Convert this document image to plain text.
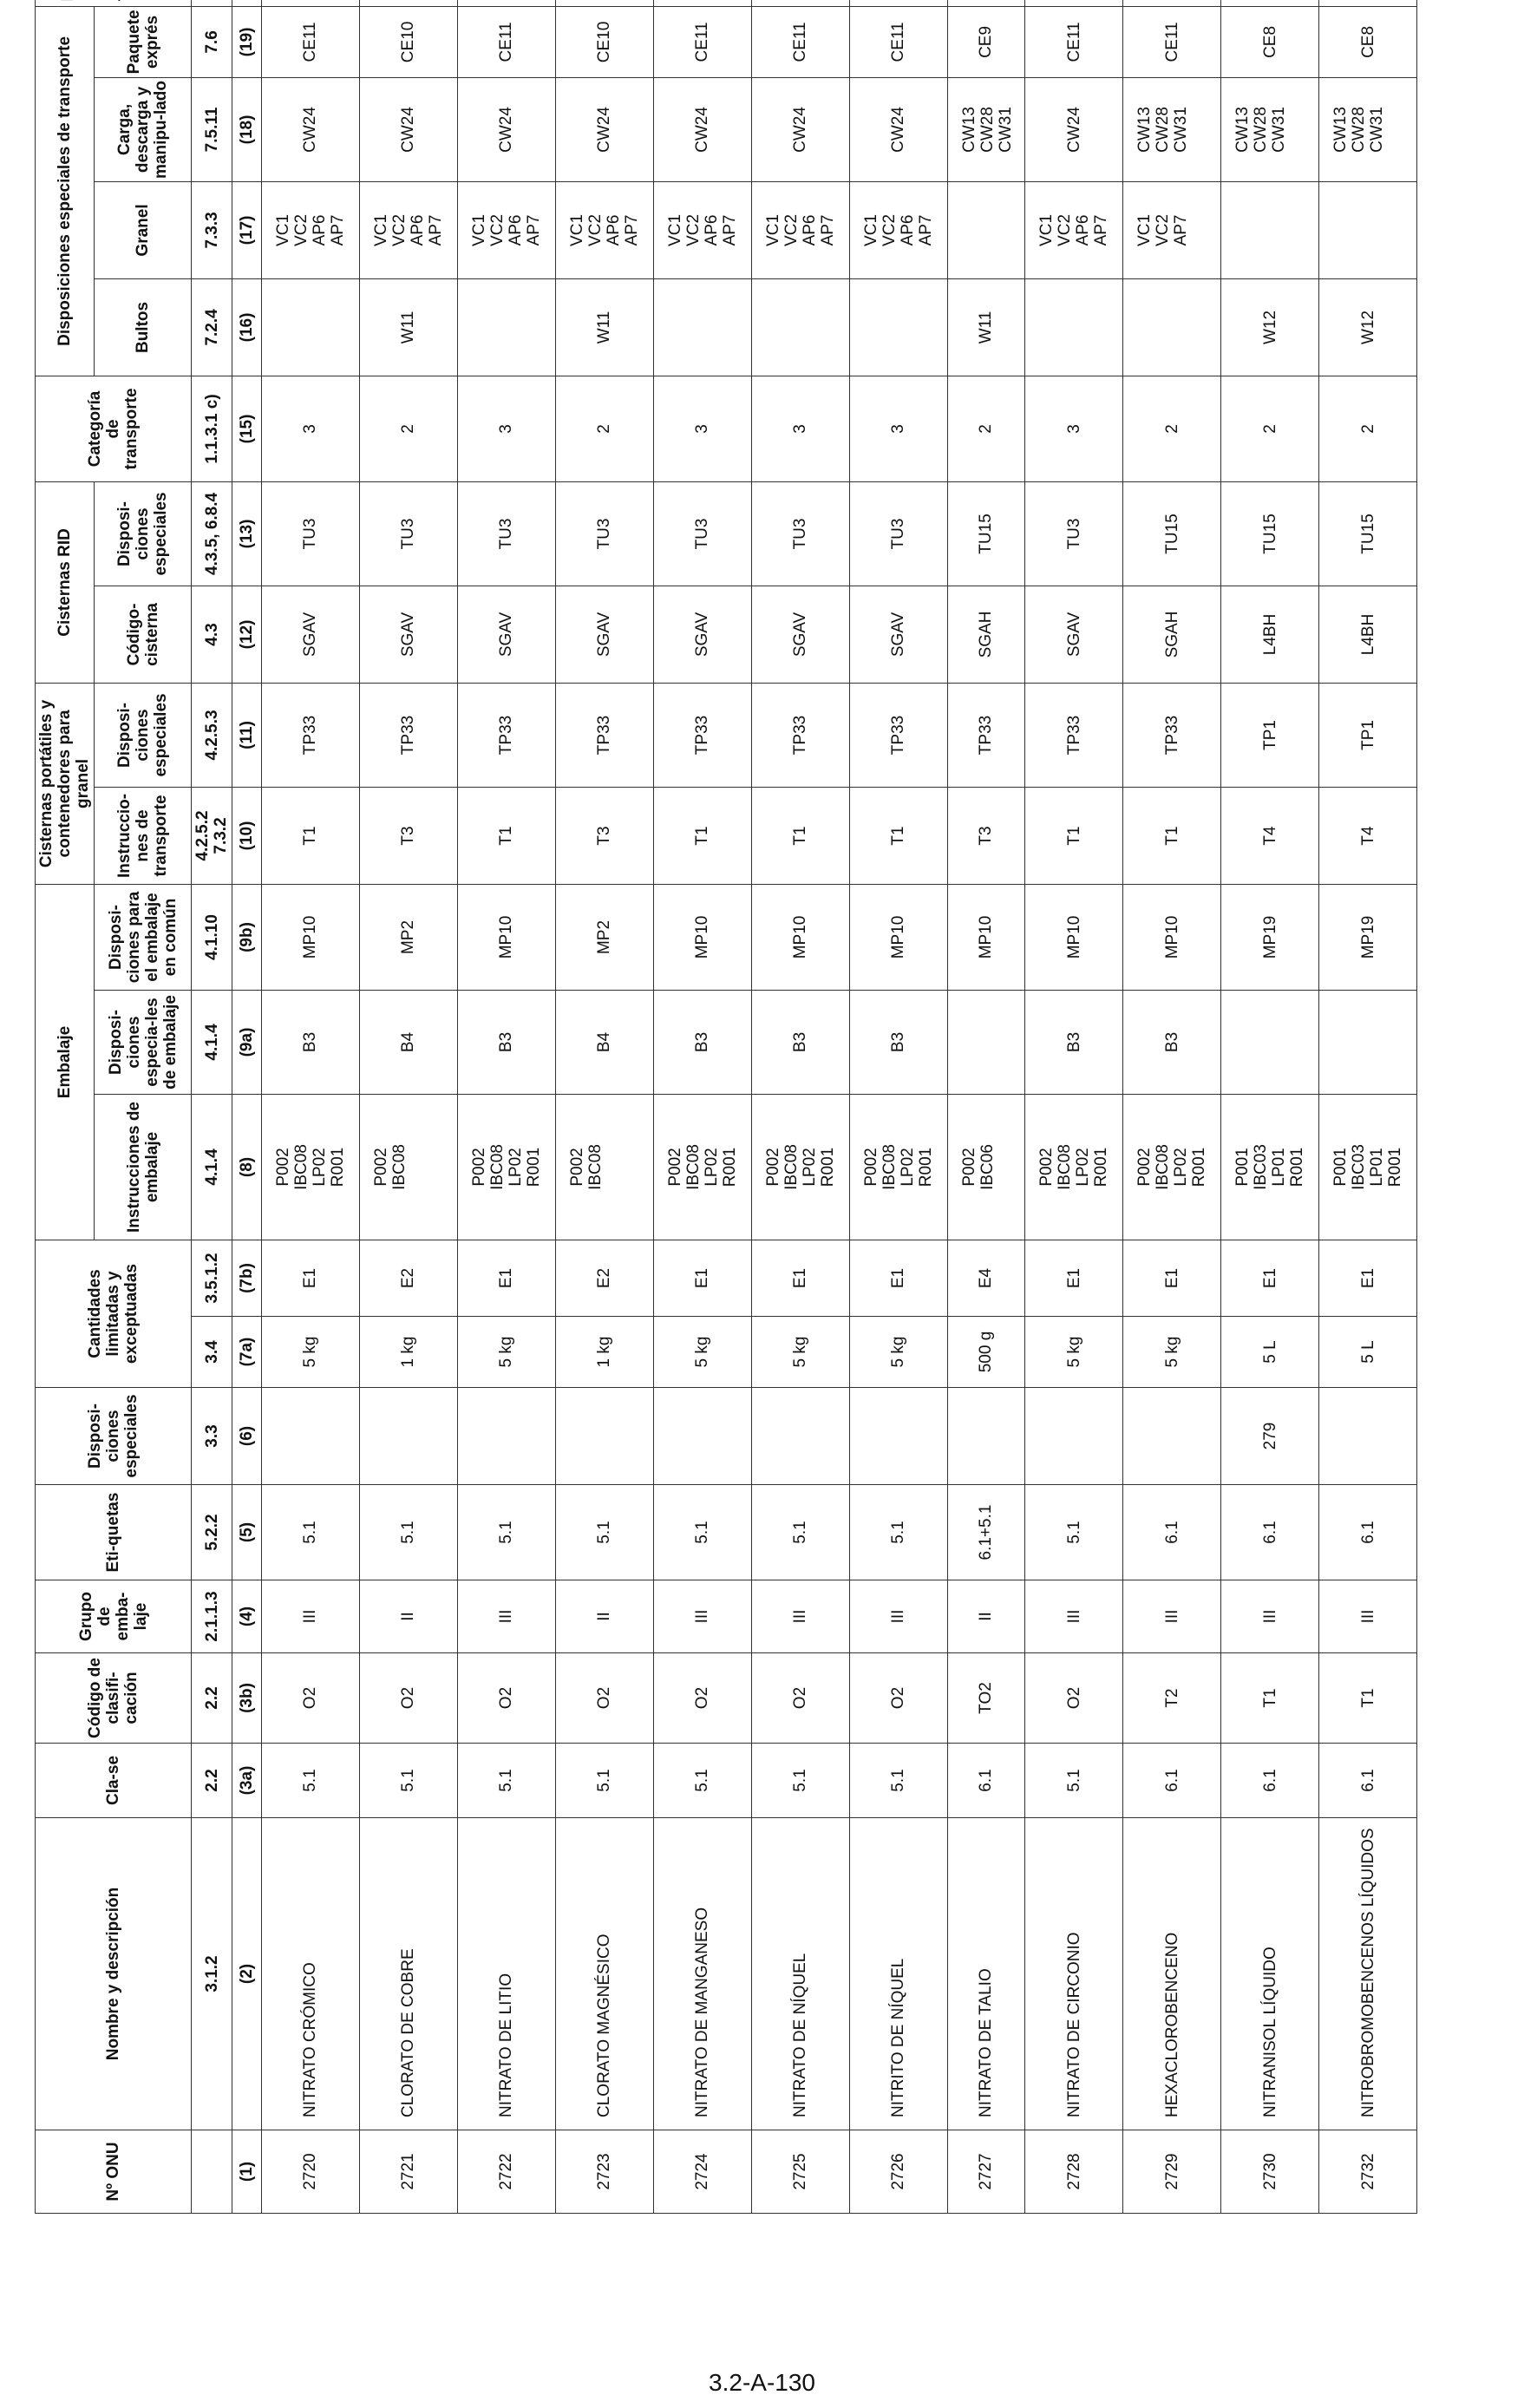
Nº ONU	Nombre y descripción	Cla-se	Código de clasifi-cación	Grupo de emba-laje	Eti-quetas	Disposi-ciones especiales	Cantidades limitadas y exceptuadas		Embalaje			Cisternas portátiles y contenedores para granel		Cisternas RID		Categoría de transporte	Disposiciones especiales de transporte	
									Instrucciones de embalaje	Disposi-ciones especia-les de embalaje	Disposi-ciones para el embalaje en común	Instruccio-nes de transporte	Disposi-ciones especiales	Código-cisterna	Disposi-ciones especiales		Bultos	Granel	Carga, descarga y manipu-lado	Paquete exprés	
	3.1.2	2.2	2.2	2.1.1.3	5.2.2	3.3	3.4	3.5.1.2	4.1.4	4.1.4	4.1.10	4.2.5.2 7.3.2	4.2.5.3	4.3	4.3.5, 6.8.4	1.1.3.1 c)	7.2.4	7.3.3	7.5.11	7.6	
(1)	(2)	(3a)	(3b)	(4)	(5)	(6)	(7a)	(7b)	(8)	(9a)	(9b)	(10)	(11)	(12)	(13)	(15)	(16)	(17)	(18)	(19)	
2720	NITRATO CRÓMICO	5.1	O2	III	5.1		5 kg	E1	P002 IBC08 LP02 R001	B3	MP10	T1	TP33	SGAV	TU3	3		VC1 VC2 AP6 AP7	CW24	CE11	
2721	CLORATO DE COBRE	5.1	O2	II	5.1		1 kg	E2	P002 IBC08	B4	MP2	T3	TP33	SGAV	TU3	2	W11	VC1 VC2 AP6 AP7	CW24	CE10	
2722	NITRATO DE LITIO	5.1	O2	III	5.1		5 kg	E1	P002 IBC08 LP02 R001	B3	MP10	T1	TP33	SGAV	TU3	3		VC1 VC2 AP6 AP7	CW24	CE11	
2723	CLORATO MAGNÉSICO	5.1	O2	II	5.1		1 kg	E2	P002 IBC08	B4	MP2	T3	TP33	SGAV	TU3	2	W11	VC1 VC2 AP6 AP7	CW24	CE10	
2724	NITRATO DE MANGANESO	5.1	O2	III	5.1		5 kg	E1	P002 IBC08 LP02 R001	B3	MP10	T1	TP33	SGAV	TU3	3		VC1 VC2 AP6 AP7	CW24	CE11	
2725	NITRATO DE NÍQUEL	5.1	O2	III	5.1		5 kg	E1	P002 IBC08 LP02 R001	B3	MP10	T1	TP33	SGAV	TU3	3		VC1 VC2 AP6 AP7	CW24	CE11	
2726	NITRITO DE NÍQUEL	5.1	O2	III	5.1		5 kg	E1	P002 IBC08 LP02 R001	B3	MP10	T1	TP33	SGAV	TU3	3		VC1 VC2 AP6 AP7	CW24	CE11	
2727	NITRATO DE TALIO	6.1	TO2	II	6.1+5.1		500 g	E4	P002 IBC06		MP10	T3	TP33	SGAH	TU15	2	W11		CW13 CW28 CW31	CE9	
2728	NITRATO DE CIRCONIO	5.1	O2	III	5.1		5 kg	E1	P002 IBC08 LP02 R001	B3	MP10	T1	TP33	SGAV	TU3	3		VC1 VC2 AP6 AP7	CW24	CE11	
2729	HEXACLOROBENCENO	6.1	T2	III	6.1		5 kg	E1	P002 IBC08 LP02 R001	B3	MP10	T1	TP33	SGAH	TU15	2		VC1 VC2 AP7	CW13 CW28 CW31	CE11	
2730	NITRANISOL LÍQUIDO	6.1	T1	III	6.1	279	5 L	E1	P001 IBC03 LP01 R001		MP19	T4	TP1	L4BH	TU15	2	W12		CW13 CW28 CW31	CE8	
2732	NITROBROMOBENCENOS LÍQUIDOS	6.1	T1	III	6.1		5 L	E1	P001 IBC03 LP01 R001		MP19	T4	TP1	L4BH	TU15	2	W12		CW13 CW28 CW31	CE8	
3.2-A-130
